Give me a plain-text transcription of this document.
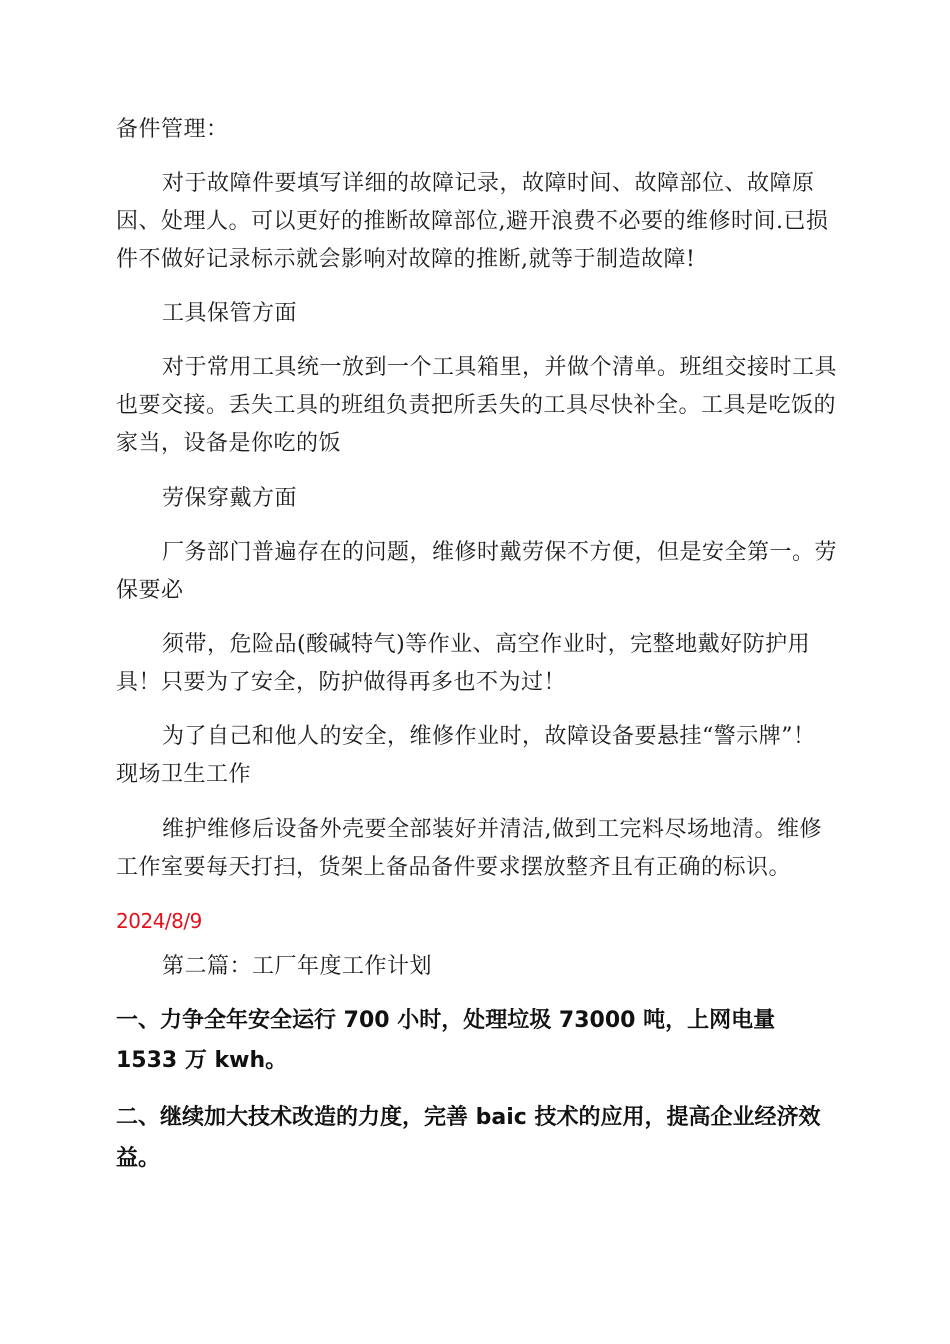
备件管理：
对于故障件要填写详细的故障记录，故障时间、故障部位、故障原
因、处理人。可以更好的推断故障部位,避开浪费不必要的维修时间.已损
件不做好记录标示就会影响对故障的推断,就等于制造故障!
工具保管方面
对于常用工具统一放到一个工具箱里，并做个清单。班组交接时工具
也要交接。丢失工具的班组负责把所丢失的工具尽快补全。工具是吃饭的
家当，设备是你吃的饭
劳保穿戴方面
厂务部门普遍存在的问题，维修时戴劳保不方便，但是安全第一。劳
保要必
须带，危险品(酸碱特气)等作业、高空作业时，完整地戴好防护用
具！只要为了安全，防护做得再多也不为过！
为了自己和他人的安全，维修作业时，故障设备要悬挂“警示牌”！
现场卫生工作
维护维修后设备外壳要全部装好并清洁,做到工完料尽场地清。维修
工作室要每天打扫，货架上备品备件要求摆放整齐且有正确的标识。
2024/8/9
第二篇：工厂年度工作计划
一、力争全年安全运行 700 小时，处理垃圾 73000 吨，上网电量
1533 万 kwh。
二、继续加大技术改造的力度，完善 baic 技术的应用，提高企业经济效
益。
